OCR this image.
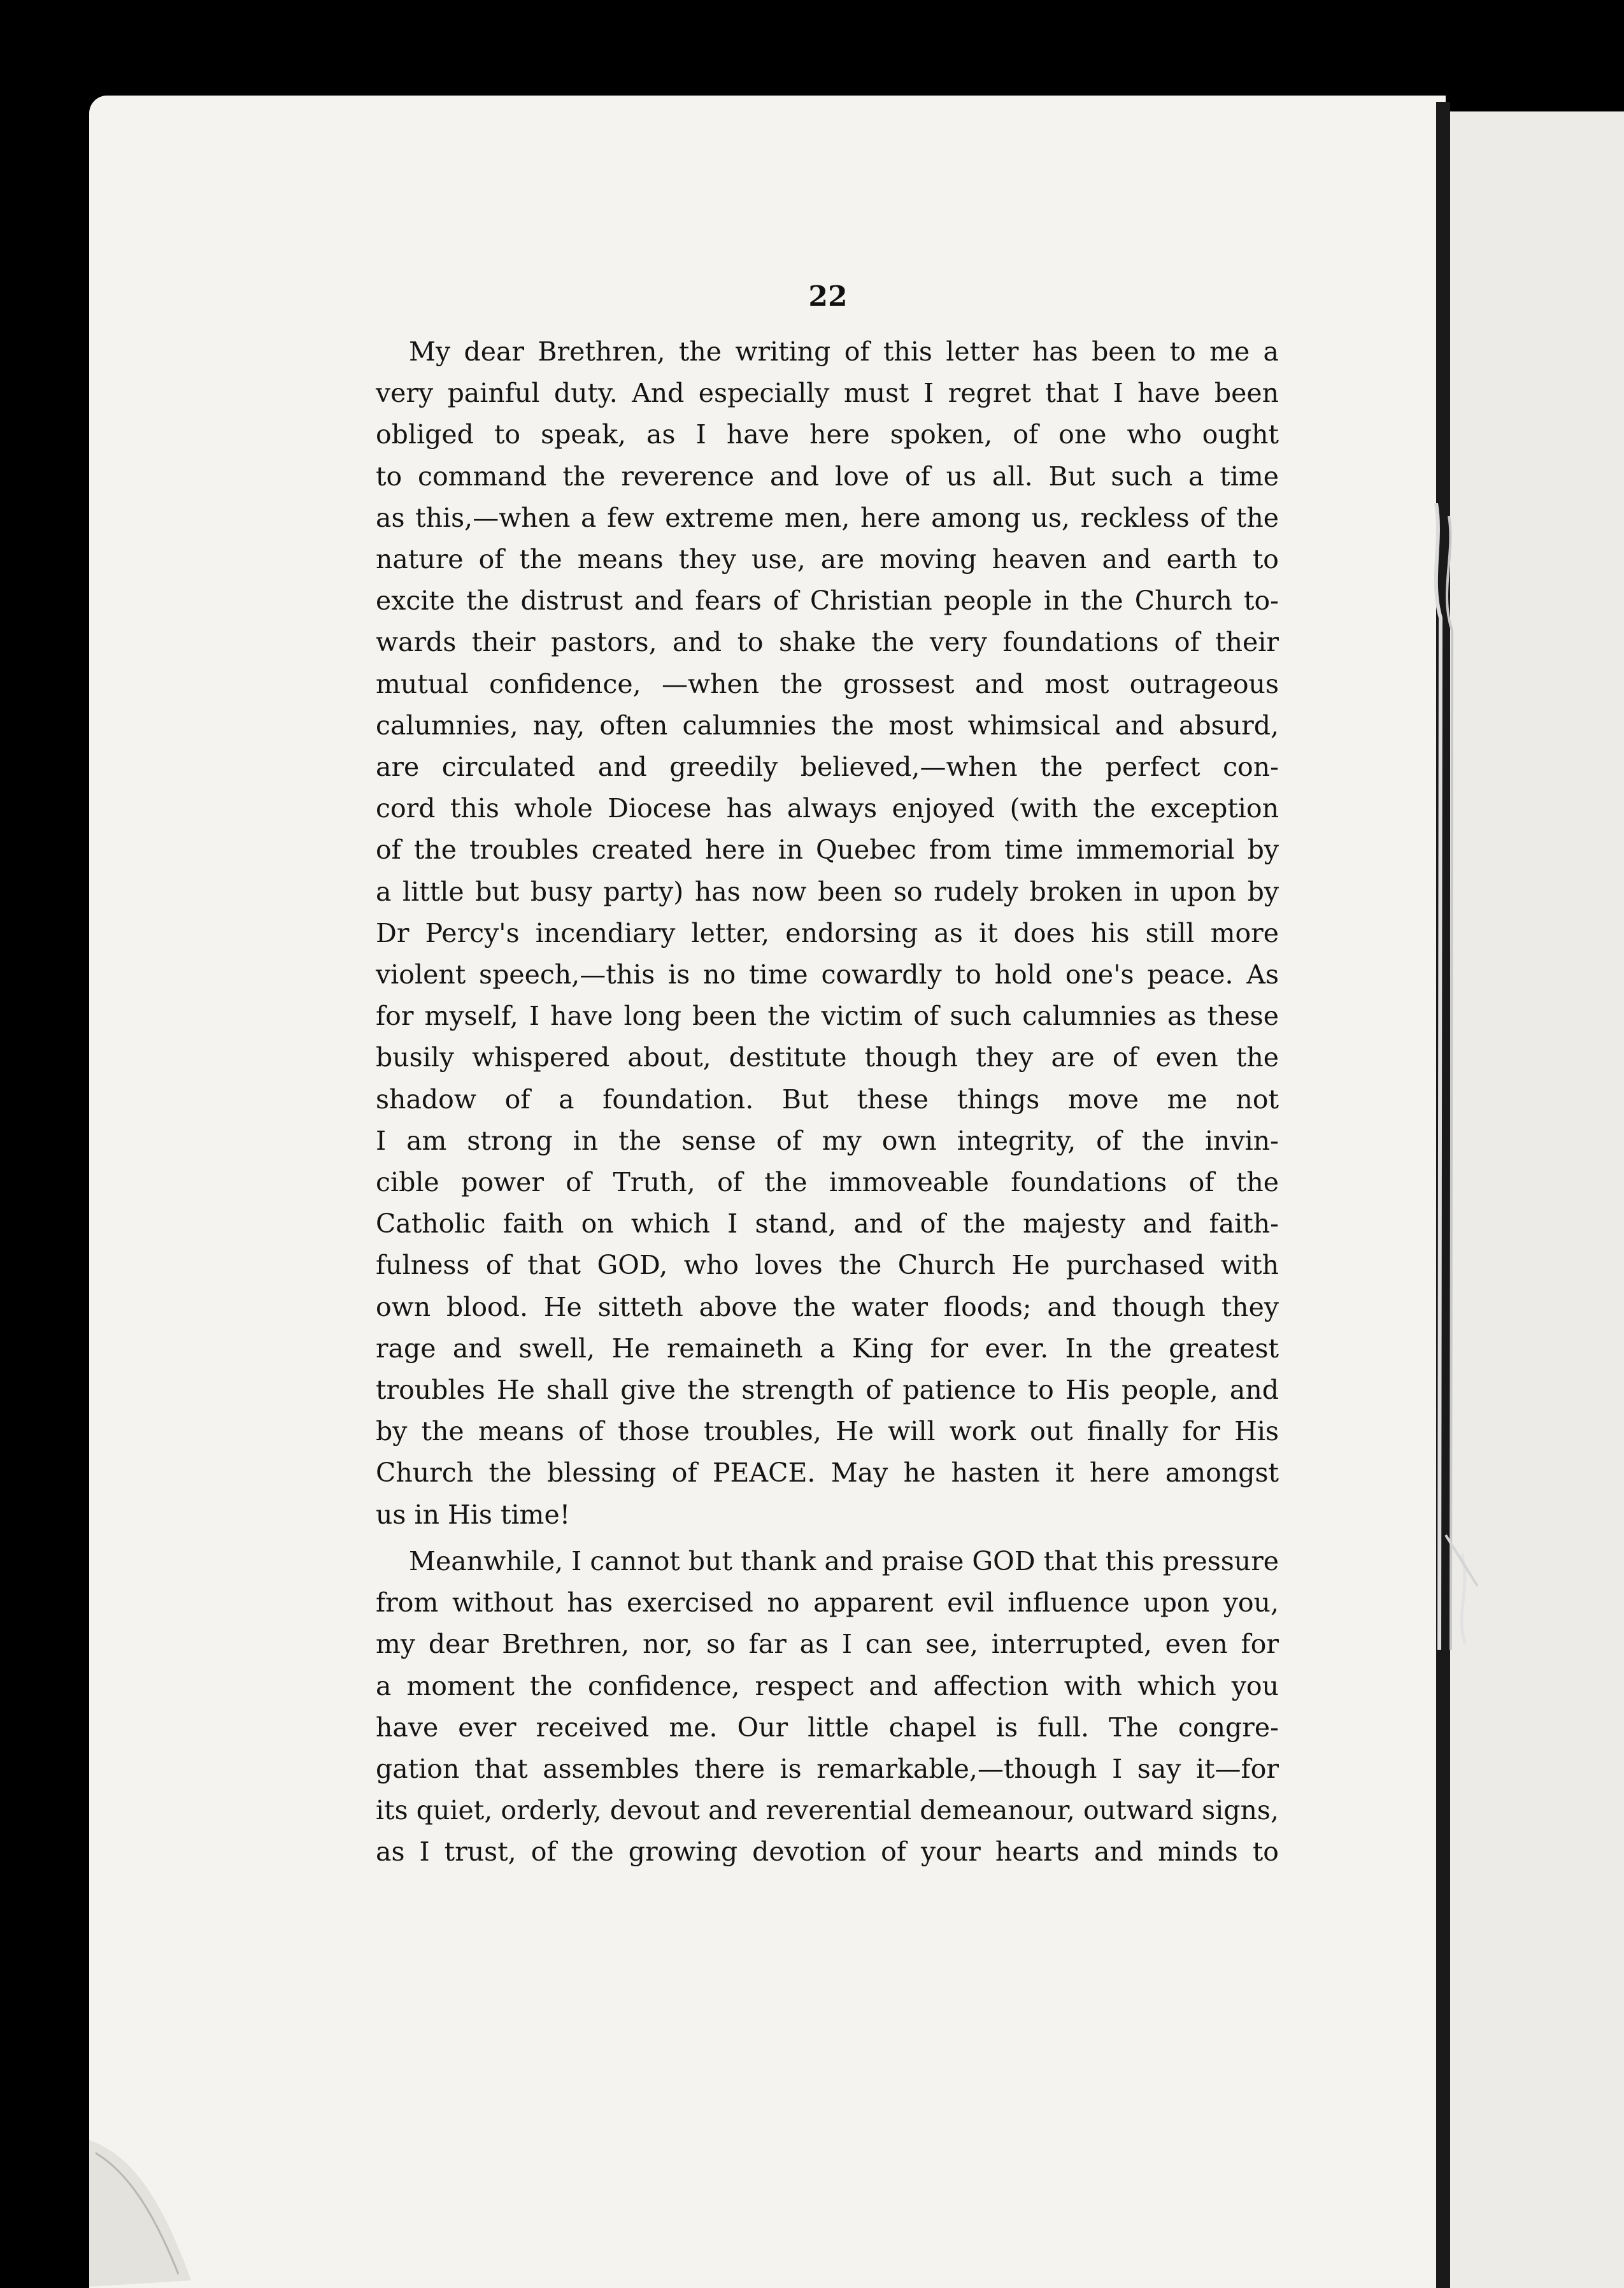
22
My dear Brethren, the writing of this letter has been to me a
very painful duty. And especially must I regret that I have been
obliged to speak, as I have here spoken, of one who ought
to command the reverence and love of us all. But such a time
as this,—when a few extreme men, here among us, reckless of the
nature of the means they use, are moving heaven and earth to
excite the distrust and fears of Christian people in the Church to-
wards their pastors, and to shake the very foundations of their
mutual confidence, —when the grossest and most outrageous
calumnies, nay, often calumnies the most whimsical and absurd,
are circulated and greedily believed,—when the perfect con-
cord this whole Diocese has always enjoyed (with the exception
of the troubles created here in Quebec from time immemorial by
a little but busy party) has now been so rudely broken in upon by
Dr Percy's incendiary letter, endorsing as it does his still more
violent speech,—this is no time cowardly to hold one's peace. As
for myself, I have long been the victim of such calumnies as these
busily whispered about, destitute though they are of even the
shadow of a foundation. But these things move me not
I am strong in the sense of my own integrity, of the invin-
cible power of Truth, of the immoveable foundations of the
Catholic faith on which I stand, and of the majesty and faith-
fulness of that GOD, who loves the Church He purchased with
own blood. He sitteth above the water floods; and though they
rage and swell, He remaineth a King for ever. In the greatest
troubles He shall give the strength of patience to His people, and
by the means of those troubles, He will work out finally for His
Church the blessing of PEACE. May he hasten it here amongst
us in His time!
Meanwhile, I cannot but thank and praise GOD that this pressure
from without has exercised no apparent evil influence upon you,
my dear Brethren, nor, so far as I can see, interrupted, even for
a moment the confidence, respect and affection with which you
have ever received me. Our little chapel is full. The congre-
gation that assembles there is remarkable,—though I say it—for
its quiet, orderly, devout and reverential demeanour, outward signs,
as I trust, of the growing devotion of your hearts and minds to
